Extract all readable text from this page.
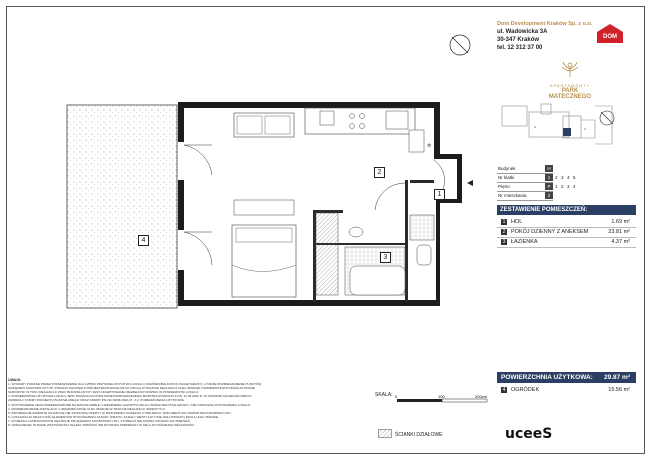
✻
2
1
3
4
Dom Development Kraków Sp. z o.o.
ul. Wadowicka 3A
30-347 Kraków
tel. 12 312 37 00
DOM
APARTAMENTY
PARK MATECZNEGO
H	G
Budynek	H
Nr klatki	1	2 3 4 5
Piętro	P	1 2 3 4
Nr mieszkania	2
ZESTAWIENIE POMIESZCZEŃ:
1 HOL	1.69 m²
2 POKÓJ DZIENNY Z ANEKSEM	23.81 m²
3 ŁAZIENKA	4.37 m²
POWIERZCHNIA UŻYTKOWA: 29.87 m²
4 OGRÓDEK	15.56 m²
UWAGI:
1. WYMIARY PODANE PRZEZ POMIESZCZENIE DLA CZĘŚCI PRZYDZIELONYCH DO LOKALU (OGRÓDKI/BALKONY/LOGGIE/TARASY), A TAKŻE ROZMIESZCZENIE PUNKTÓW
URZĄDZEŃ SANITARNYCH ITP. PODANO ZGODNIE Z PROJEKTEM BUDOWLANYM I MOGĄ W TRAKCIE REALIZACJI ULEC ZMIANIE. POWIERZCHNIA PODANA W STANIE
SUROWYM. W TOKU REALIZACJI PRAC BUDOWLANYCH JEST AKCEPTOWANE NIEWIELKICH RÓŻNIC W POWIERZCHNI LOKALU.
2. POWIERZCHNIA UŻYTKOWA LOKALU JEST PODANA NA PODSTAWIE ROZPORZĄDZENIA MINISTRA ROZWOJU Z DN. 11.09.2020 R. W SPRAWIE SZCZEGÓŁOWEGO
ZAKRESU I FORMY PROJEKTU BUDOWLANEGO ORAZ NORMY PN-ISO 9836:2022-07. 3.2. POMIESZCZENIA UŻYTKOWE.
3. WYPOSAŻENIE ORAZ PRZEDSTAWIONE NA RZUCIE MEBLE I URZĄDZENIA (AGD/RTV) MAJĄ CHARAKTER POGLĄDOWY I NIE STANOWIĄ WYPOSAŻENIA LOKALU.
4. ROZMIESZCZENIE INSTALACJI I URZĄDZEŃ MOŻE ULEC ZMIANIE W TRAKCIE REALIZACJI INWESTYCJI.
5. INFORMACJE ZAWARTE NA RZUCIE NIE STANOWIĄ OFERTY W ROZUMIENIU KODEKSU CYWILNEGO. DOKUMENT MA CHARAKTER INFORMACYJNY.
6. LOKALIZACJA ORAZ ILOŚĆ ELEMENTÓW WYKOŃCZENIA FASADY (KRATKI, KANAŁY WENTYLACYJNE, BALUSTRADY) MOGĄ ULEC ZMIANIE.
7. W MIEJSCU ZAZNACZONYM ZNAJDUJE SIĘ ELEMENT KONSTRUKCYJNY, KTÓREGO NIE MOŻNA USUWAĆ ANI ZMIENIAĆ.
8. OZNACZENIE: W RAZIE WĄTPLIWOŚCI NALEŻY ZWRÓCIĆ SIĘ DO BIURA SPRZEDAŻY W CELU WYJAŚNIENIA NIEJASNOŚCI.
SKALA: 0	100	200cm
ŚCIANKI DZIAŁOWE	uceeS
